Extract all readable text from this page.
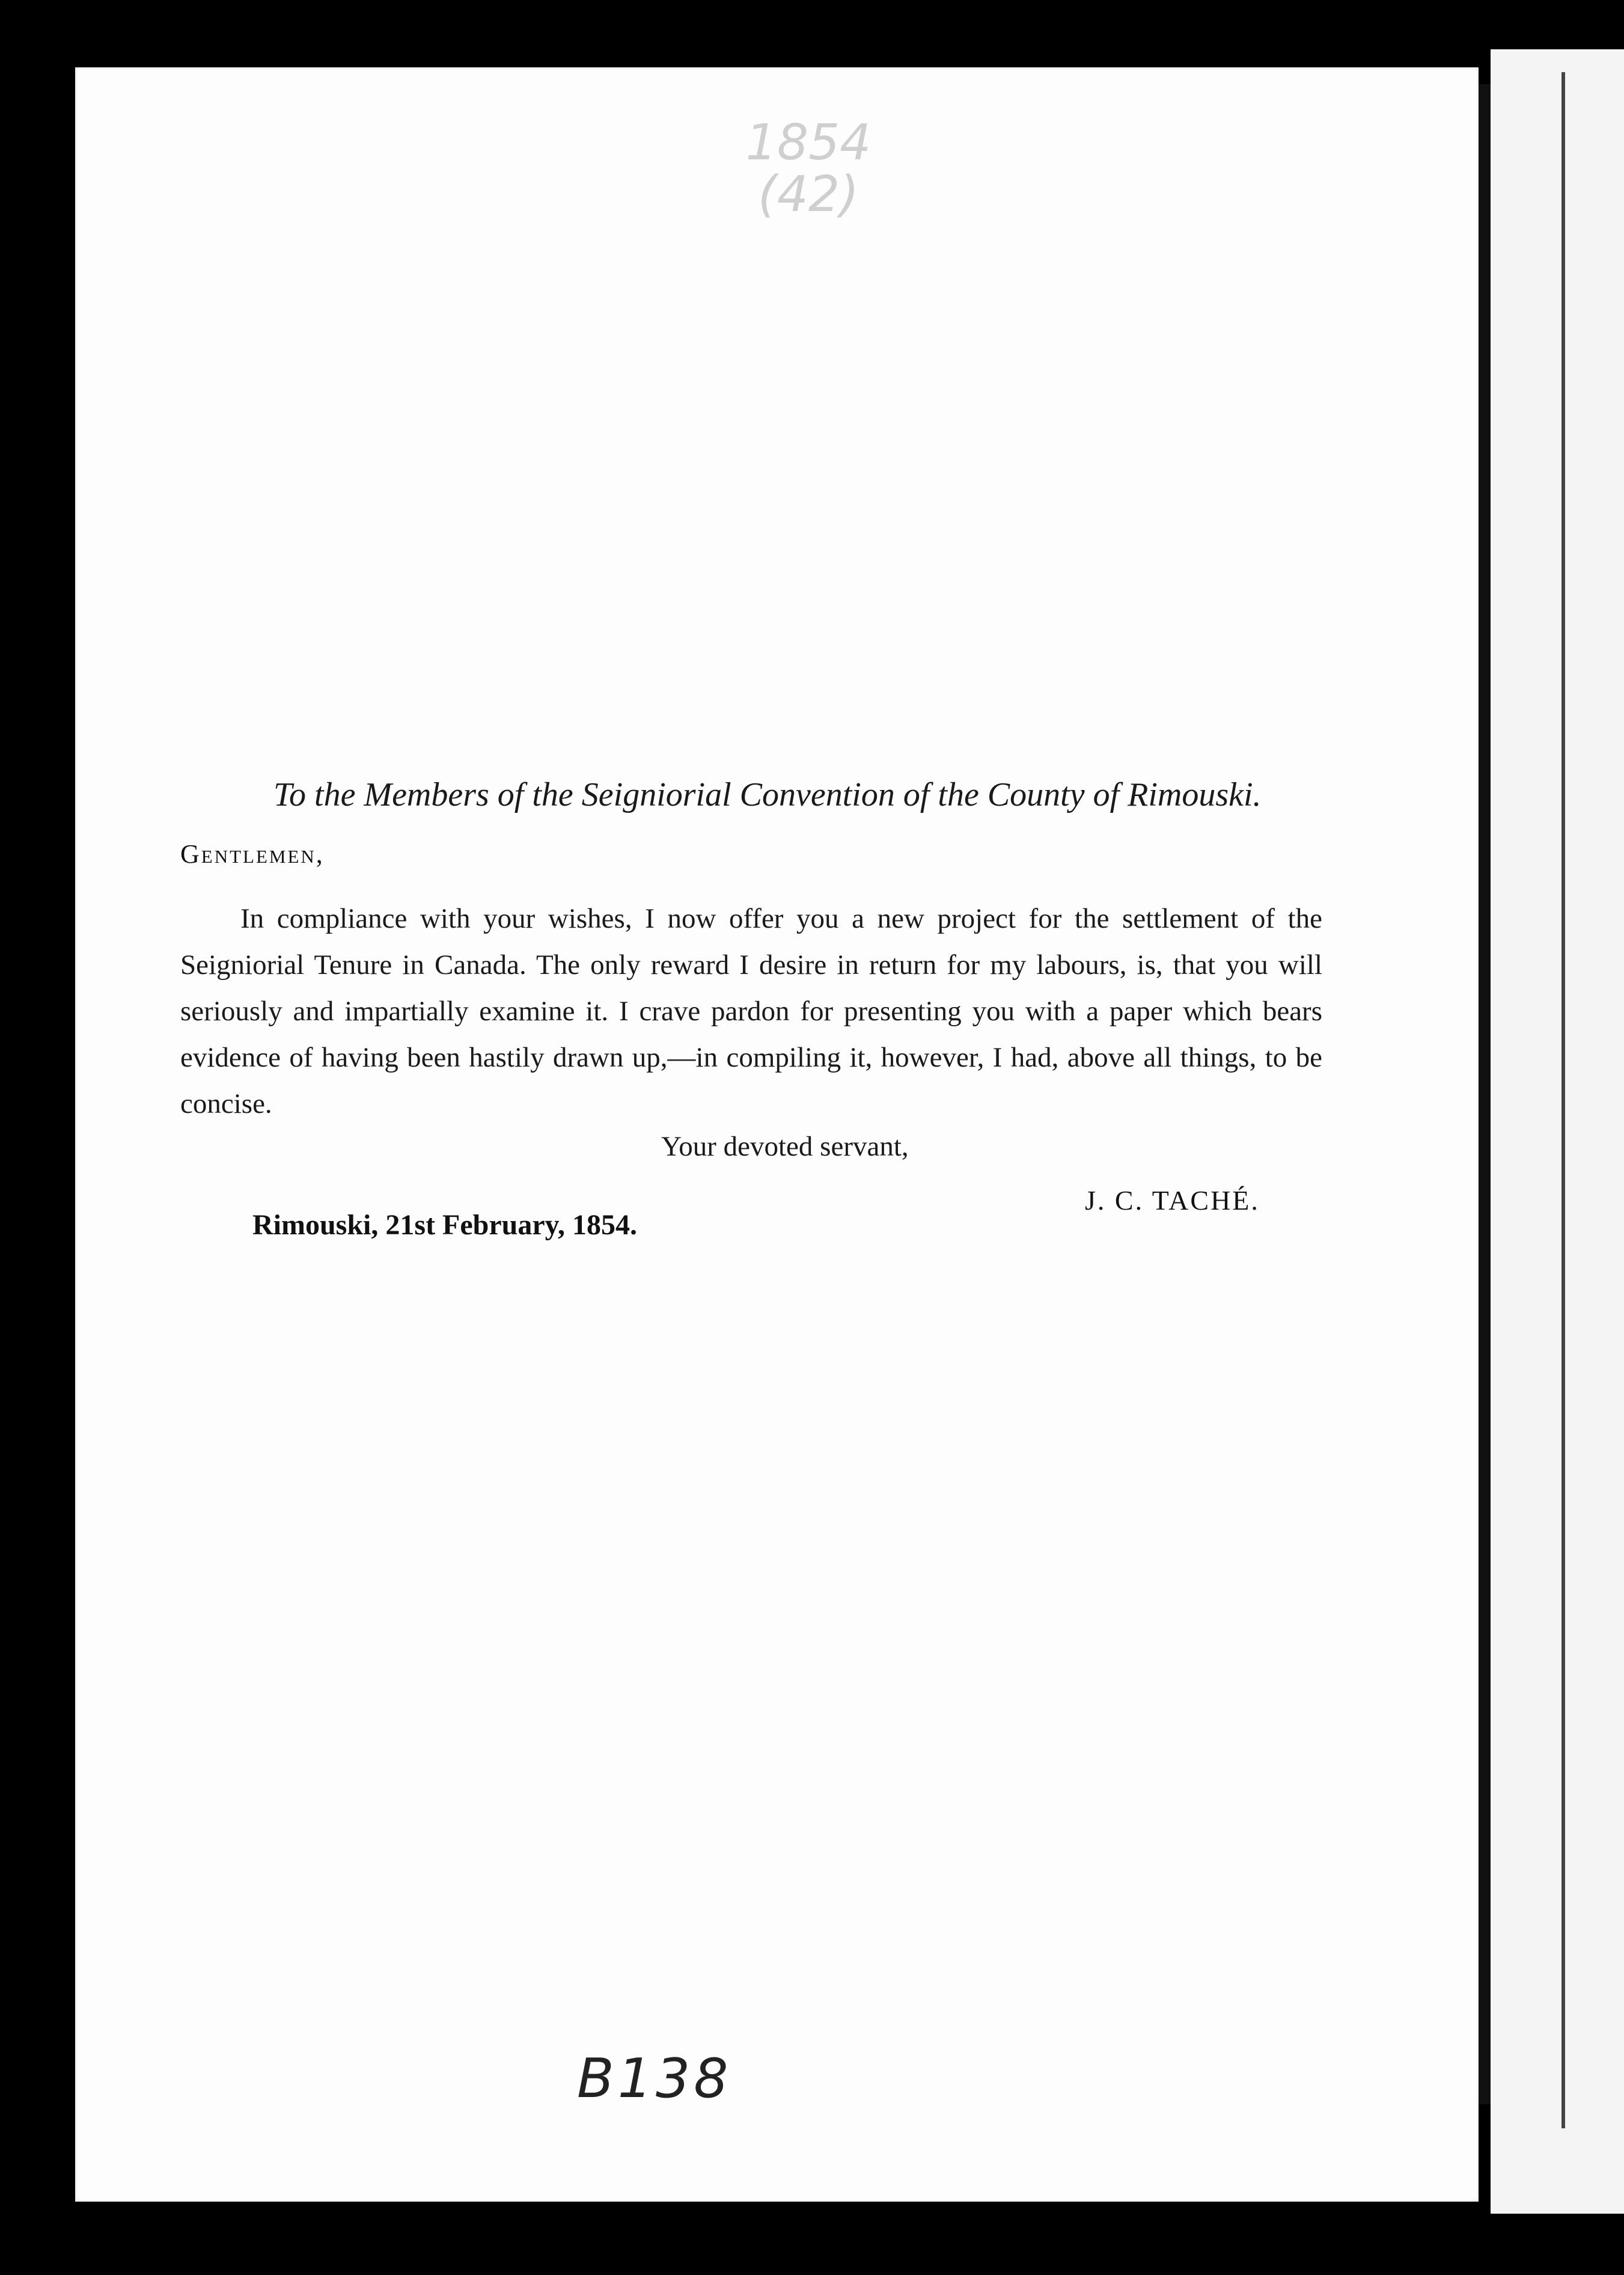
1854
(42)
To the Members of the Seigniorial Convention of the County of Rimouski.
Gentlemen,
In compliance with your wishes, I now offer you a new project for the settlement of the Seigniorial Tenure in Canada. The only reward I desire in return for my labours, is, that you will seriously and impartially examine it. I crave pardon for presenting you with a paper which bears evidence of having been hastily drawn up,—in compiling it, however, I had, above all things, to be concise.
Your devoted servant,
J. C. TACHÉ.
Rimouski, 21st February, 1854.
B138
